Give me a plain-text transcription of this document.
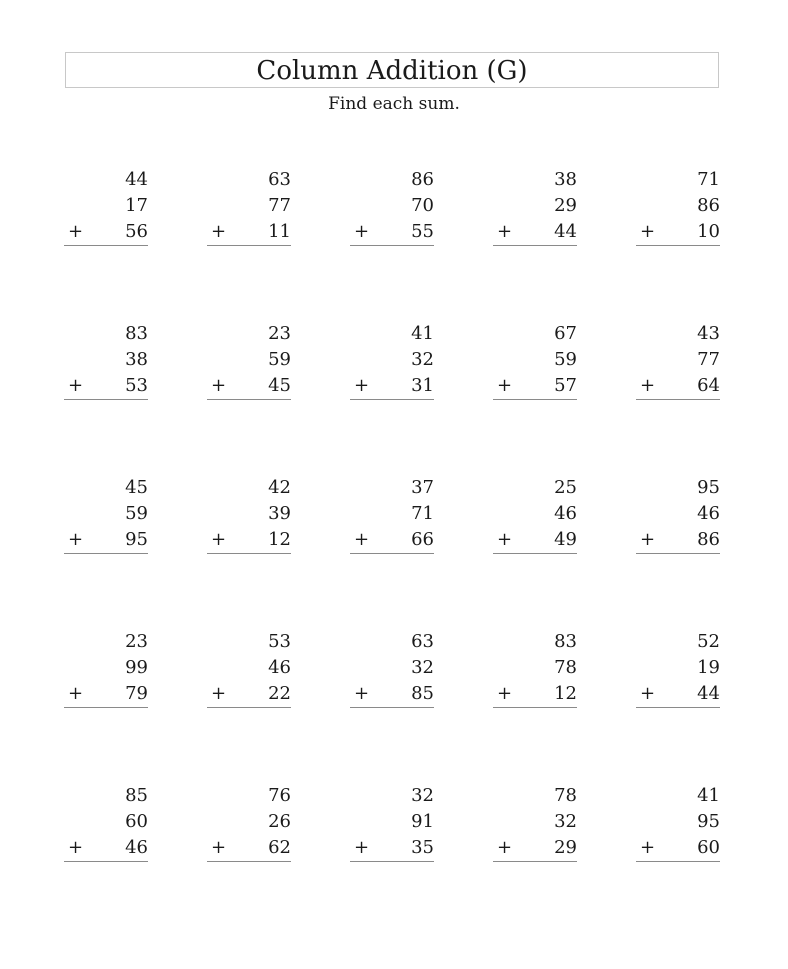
Column Addition (G)
Find each sum.
44
17
56
+
63
77
11
+
86
70
55
+
38
29
44
+
71
86
10
+
83
38
53
+
23
59
45
+
41
32
31
+
67
59
57
+
43
77
64
+
45
59
95
+
42
39
12
+
37
71
66
+
25
46
49
+
95
46
86
+
23
99
79
+
53
46
22
+
63
32
85
+
83
78
12
+
52
19
44
+
85
60
46
+
76
26
62
+
32
91
35
+
78
32
29
+
41
95
60
+
